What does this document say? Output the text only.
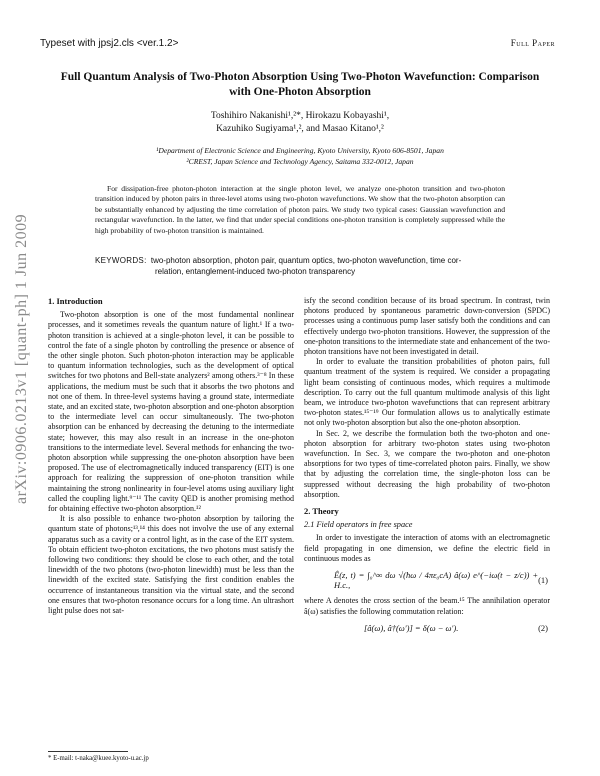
Typeset with jpsj2.cls <ver.1.2>	Full Paper
Full Quantum Analysis of Two-Photon Absorption Using Two-Photon Wavefunction: Comparison with One-Photon Absorption
Toshihiro Nakanishi¹,²*, Hirokazu Kobayashi¹,
Kazuhiko Sugiyama¹,², and Masao Kitano¹,²
¹Department of Electronic Science and Engineering, Kyoto University, Kyoto 606-8501, Japan
²CREST, Japan Science and Technology Agency, Saitama 332-0012, Japan
For dissipation-free photon-photon interaction at the single photon level, we analyze one-photon transition and two-photon transition induced by photon pairs in three-level atoms using two-photon wavefunctions. We show that the two-photon absorption can be substantially enhanced by adjusting the time correlation of photon pairs. We study two typical cases: Gaussian wavefunction and rectangular wavefunction. In the latter, we find that under special conditions one-photon transition is completely suppressed while the high probability of two-photon transition is maintained.
KEYWORDS: two-photon absorption, photon pair, quantum optics, two-photon wavefunction, time cor-
relation, entanglement-induced two-photon transparency
arXiv:0906.0213v1 [quant-ph] 1 Jun 2009 1. Introduction

Two-photon absorption is one of the most fundamental nonlinear processes, and it sometimes reveals the quantum nature of light.¹ If a two-photon transition is achieved at a single-photon level, it can be possible to control the fate of a single photon by controlling the presence or absence of the other single photon. Such photon-photon interaction may be applicable to quantum information technologies, such as the development of optical switches for two photons and Bell-state analyzers² among others.³⁻⁸ In these applications, the medium must be such that it absorbs the two photons and not one of them. In three-level systems having a ground state, intermediate state, and an excited state, two-photon absorption and one-photon absorption to the intermediate level can occur simultaneously. The two-photon absorption can be enhanced by decreasing the detuning to the intermediate state; however, this may also result in an increase in the one-photon transitions to the intermediate level. Several methods for enhancing the two-photon absorption while suppressing the one-photon absorption have been proposed. The use of electromagnetically induced transparency (EIT) is one approach for realizing the suppression of one-photon transition while maintaining the strong nonlinearity in four-level atoms using auxiliary light called the coupling light.⁹⁻¹¹ The cavity QED is another promising method for obtaining effective two-photon absorption.¹²

It is also possible to enhance two-photon absorption by tailoring the quantum state of photons;¹³,¹⁴ this does not involve the use of any external apparatus such as a cavity or a control light, as in the case of the EIT system. To obtain efficient two-photon excitations, the two photons must satisfy the following two conditions: they should be close to each other, and the total linewidth of the two photons (two-photon linewidth) must be less than the linewidth of the excited state. Satisfying the first condition enables the occurrence of instantaneous transition via the virtual state, and the second one ensures that two-photon resonance occurs for a long time. An ultrashort light pulse does not sat-

isfy the second condition because of its broad spectrum. In contrast, twin photons produced by spontaneous parametric down-conversion (SPDC) processes using a continuous pump laser satisfy both the conditions and can effectively undergo two-photon transitions. However, the suppression of the one-photon transitions to the intermediate state and enhancement of the two-photon transitions have not been investigated in detail.

In order to evaluate the transition probabilities of photon pairs, full quantum treatment of the system is required. We consider a propagating light beam consisting of continuous modes, which requires a multimode description. To carry out the full quantum multimode analysis of this light beam, we introduce two-photon wavefunctions that can represent arbitrary two-photon states.¹⁵⁻¹⁹ Our formulation allows us to analytically estimate not only two-photon absorption but also the one-photon absorption.

In Sec. 2, we describe the formulation both the two-photon and one-photon absorption for arbitrary two-photon states using two-photon wavefunction. In Sec. 3, we compare the two-photon and one-photon absorptions for two types of time-correlated photon pairs. Finally, we show that by adjusting the correlation time, the single-photon loss can be suppressed without decreasing the high probability of two-photon absorption.

2. Theory
2.1 Field operators in free space

In order to investigate the interaction of atoms with an electromagnetic field propagating in one dimension, we define the electric field in continuous modes as

Ê(z, t) = ∫₀^∞ dω √(ħω / 4πε₀cA) â(ω) e^(−iω(t − z/c)) + H.c.,
(1)

where A denotes the cross section of the beam.¹⁵ The annihilation operator â(ω) satisfies the following commutation relation:

[â(ω), â†(ω′)] = δ(ω − ω′).	(2)
* E-mail: t-naka@kuee.kyoto-u.ac.jp
